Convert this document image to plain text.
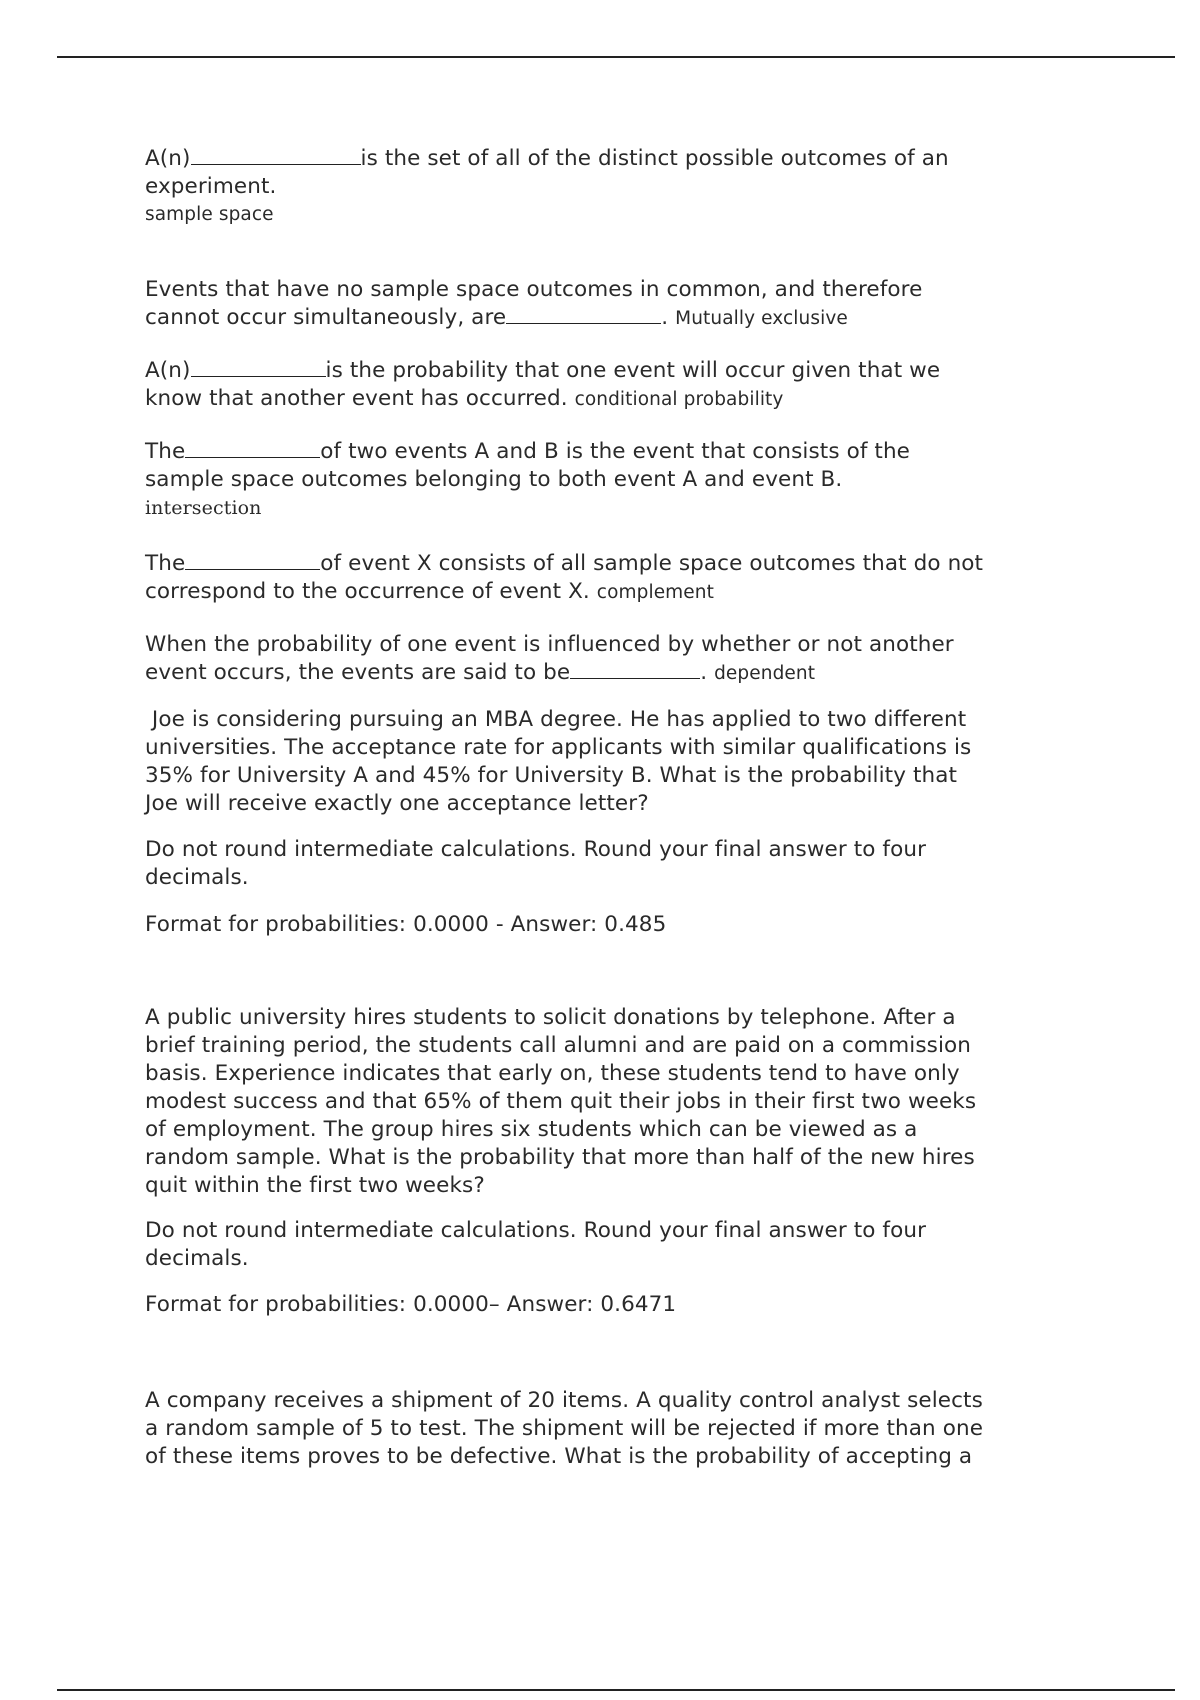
A(n)	is the set of all of the distinct possible outcomes of an
experiment.
sample space
Events that have no sample space outcomes in common, and therefore
cannot occur simultaneously, are	. Mutually exclusive
A(n)	is the probability that one event will occur given that we
know that another event has occurred. conditional probability
The	of two events A and B is the event that consists of the
sample space outcomes belonging to both event A and event B.
intersection
The	of event X consists of all sample space outcomes that do not
correspond to the occurrence of event X. complement
When the probability of one event is influenced by whether or not another
event occurs, the events are said to be	. dependent
Joe is considering pursuing an MBA degree. He has applied to two different
universities. The acceptance rate for applicants with similar qualifications is
35% for University A and 45% for University B. What is the probability that
Joe will receive exactly one acceptance letter?
Do not round intermediate calculations. Round your final answer to four
decimals.
Format for probabilities: 0.0000 - Answer: 0.485
A public university hires students to solicit donations by telephone. After a
brief training period, the students call alumni and are paid on a commission
basis. Experience indicates that early on, these students tend to have only
modest success and that 65% of them quit their jobs in their first two weeks
of employment. The group hires six students which can be viewed as a
random sample. What is the probability that more than half of the new hires
quit within the first two weeks?
Do not round intermediate calculations. Round your final answer to four
decimals.
Format for probabilities: 0.0000– Answer: 0.6471
A company receives a shipment of 20 items. A quality control analyst selects
a random sample of 5 to test. The shipment will be rejected if more than one
of these items proves to be defective. What is the probability of accepting a
